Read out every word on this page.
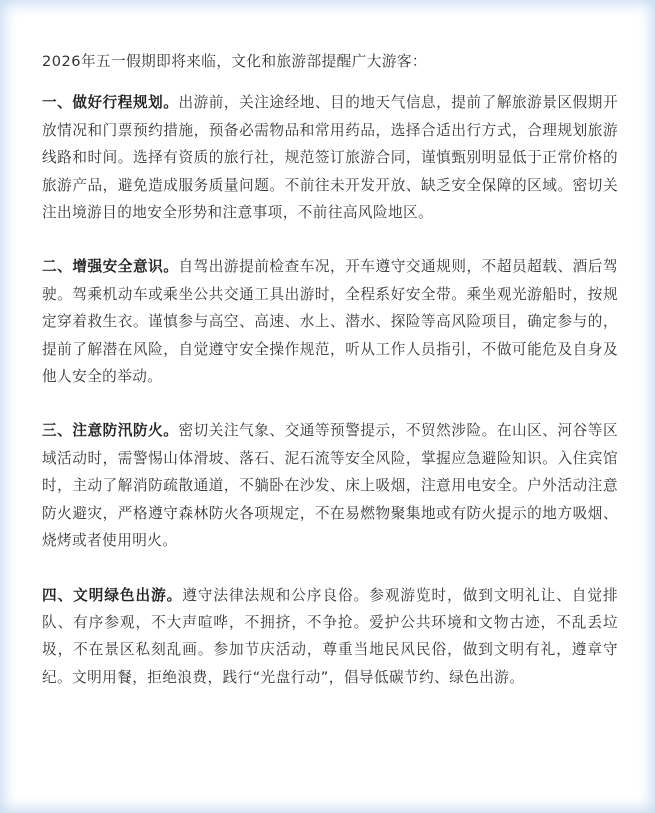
2026年五一假期即将来临，文化和旅游部提醒广大游客：

一、做好行程规划。出游前，关注途经地、目的地天气信息，提前了解旅游景区假期开放情况和门票预约措施，预备必需物品和常用药品，选择合适出行方式，合理规划旅游线路和时间。选择有资质的旅行社，规范签订旅游合同，谨慎甄别明显低于正常价格的旅游产品，避免造成服务质量问题。不前往未开发开放、缺乏安全保障的区域。密切关注出境游目的地安全形势和注意事项，不前往高风险地区。

二、增强安全意识。自驾出游提前检查车况，开车遵守交通规则，不超员超载、酒后驾驶。驾乘机动车或乘坐公共交通工具出游时，全程系好安全带。乘坐观光游船时，按规定穿着救生衣。谨慎参与高空、高速、水上、潜水、探险等高风险项目，确定参与的，提前了解潜在风险，自觉遵守安全操作规范，听从工作人员指引，不做可能危及自身及他人安全的举动。

三、注意防汛防火。密切关注气象、交通等预警提示，不贸然涉险。在山区、河谷等区域活动时，需警惕山体滑坡、落石、泥石流等安全风险，掌握应急避险知识。入住宾馆时，主动了解消防疏散通道，不躺卧在沙发、床上吸烟，注意用电安全。户外活动注意防火避灾，严格遵守森林防火各项规定，不在易燃物聚集地或有防火提示的地方吸烟、烧烤或者使用明火。

四、文明绿色出游。遵守法律法规和公序良俗。参观游览时，做到文明礼让、自觉排队、有序参观，不大声喧哗，不拥挤，不争抢。爱护公共环境和文物古迹，不乱丢垃圾，不在景区私刻乱画。参加节庆活动，尊重当地民风民俗，做到文明有礼，遵章守纪。文明用餐，拒绝浪费，践行“光盘行动”，倡导低碳节约、绿色出游。
